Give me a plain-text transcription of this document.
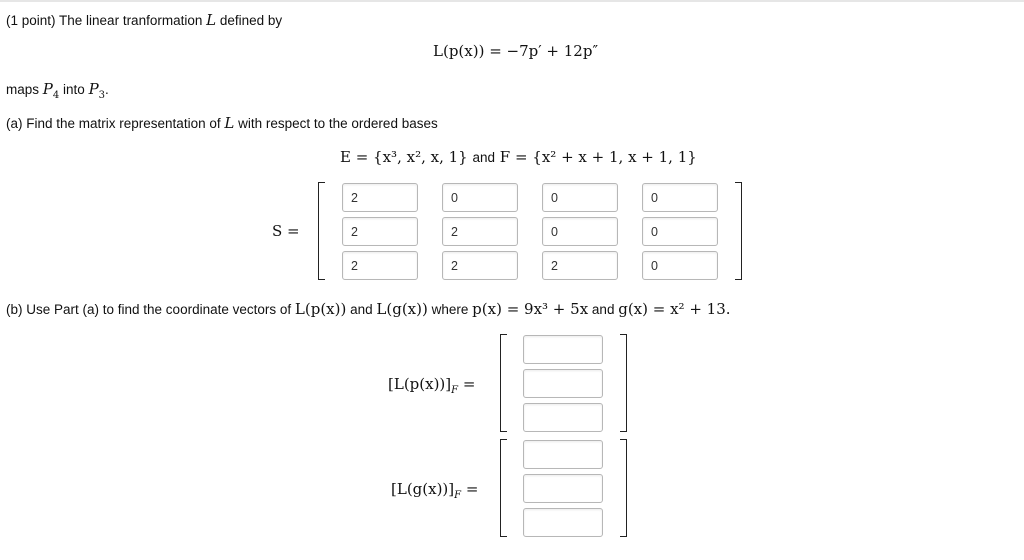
(1 point) The linear tranformation L defined by
L(p(x)) = −7p′ + 12p″
maps $P_4$ into $P_3$.
(a) Find the matrix representation of L with respect to the ordered bases
E = {x³, x², x, 1} and F = {x² + x + 1, x + 1, 1}
S =
2
0
0
0
2
2
0
0
2
2
2
0
(b) Use Part (a) to find the coordinate vectors of L(p(x)) and L(g(x)) where p(x) = 9x³ + 5x and g(x) = x² + 13.
$[L(p(x))]_F$ =
$[L(g(x))]_F$ =
